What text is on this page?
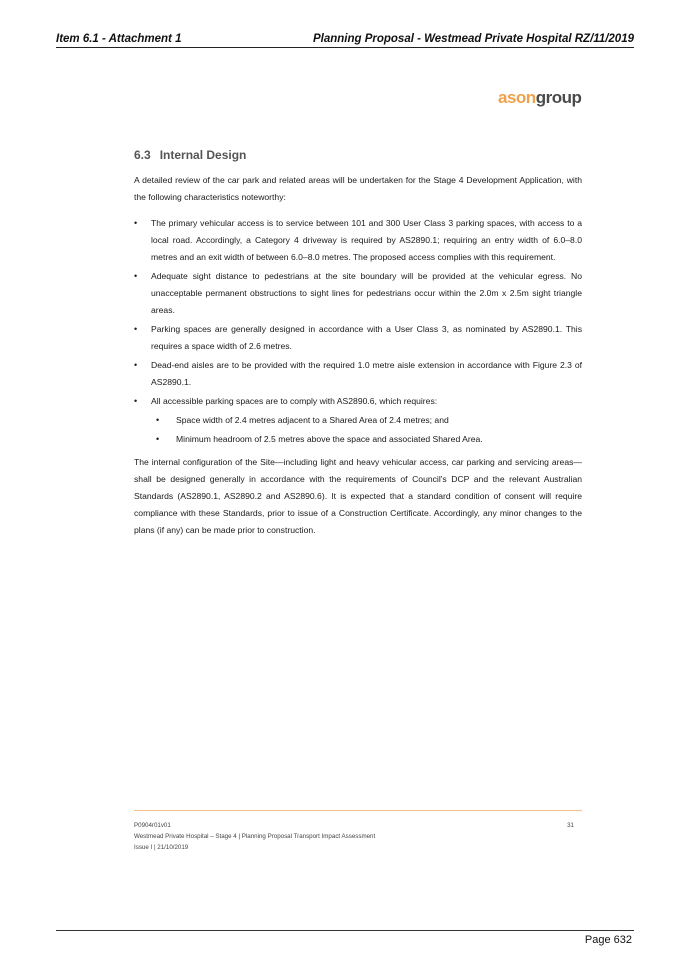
Item 6.1 - Attachment 1	Planning Proposal - Westmead Private Hospital RZ/11/2019
asongroup
6.3 Internal Design

A detailed review of the car park and related areas will be undertaken for the Stage 4 Development Application, with the following characteristics noteworthy:

• The primary vehicular access is to service between 101 and 300 User Class 3 parking spaces, with access to a local road. Accordingly, a Category 4 driveway is required by AS2890.1; requiring an entry width of 6.0–8.0 metres and an exit width of between 6.0–8.0 metres. The proposed access complies with this requirement.
• Adequate sight distance to pedestrians at the site boundary will be provided at the vehicular egress. No unacceptable permanent obstructions to sight lines for pedestrians occur within the 2.0m x 2.5m sight triangle areas.
• Parking spaces are generally designed in accordance with a User Class 3, as nominated by AS2890.1. This requires a space width of 2.6 metres.
• Dead-end aisles are to be provided with the required 1.0 metre aisle extension in accordance with Figure 2.3 of AS2890.1.
• All accessible parking spaces are to comply with AS2890.6, which requires:
• Space width of 2.4 metres adjacent to a Shared Area of 2.4 metres; and
• Minimum headroom of 2.5 metres above the space and associated Shared Area.

The internal configuration of the Site—including light and heavy vehicular access, car parking and servicing areas—shall be designed generally in accordance with the requirements of Council's DCP and the relevant Australian Standards (AS2890.1, AS2890.2 and AS2890.6). It is expected that a standard condition of consent will require compliance with these Standards, prior to issue of a Construction Certificate. Accordingly, any minor changes to the plans (if any) can be made prior to construction.

P0904r01v01
Westmead Private Hospital – Stage 4 | Planning Proposal Transport Impact Assessment
Issue I | 21/10/2019
31
Page 632
